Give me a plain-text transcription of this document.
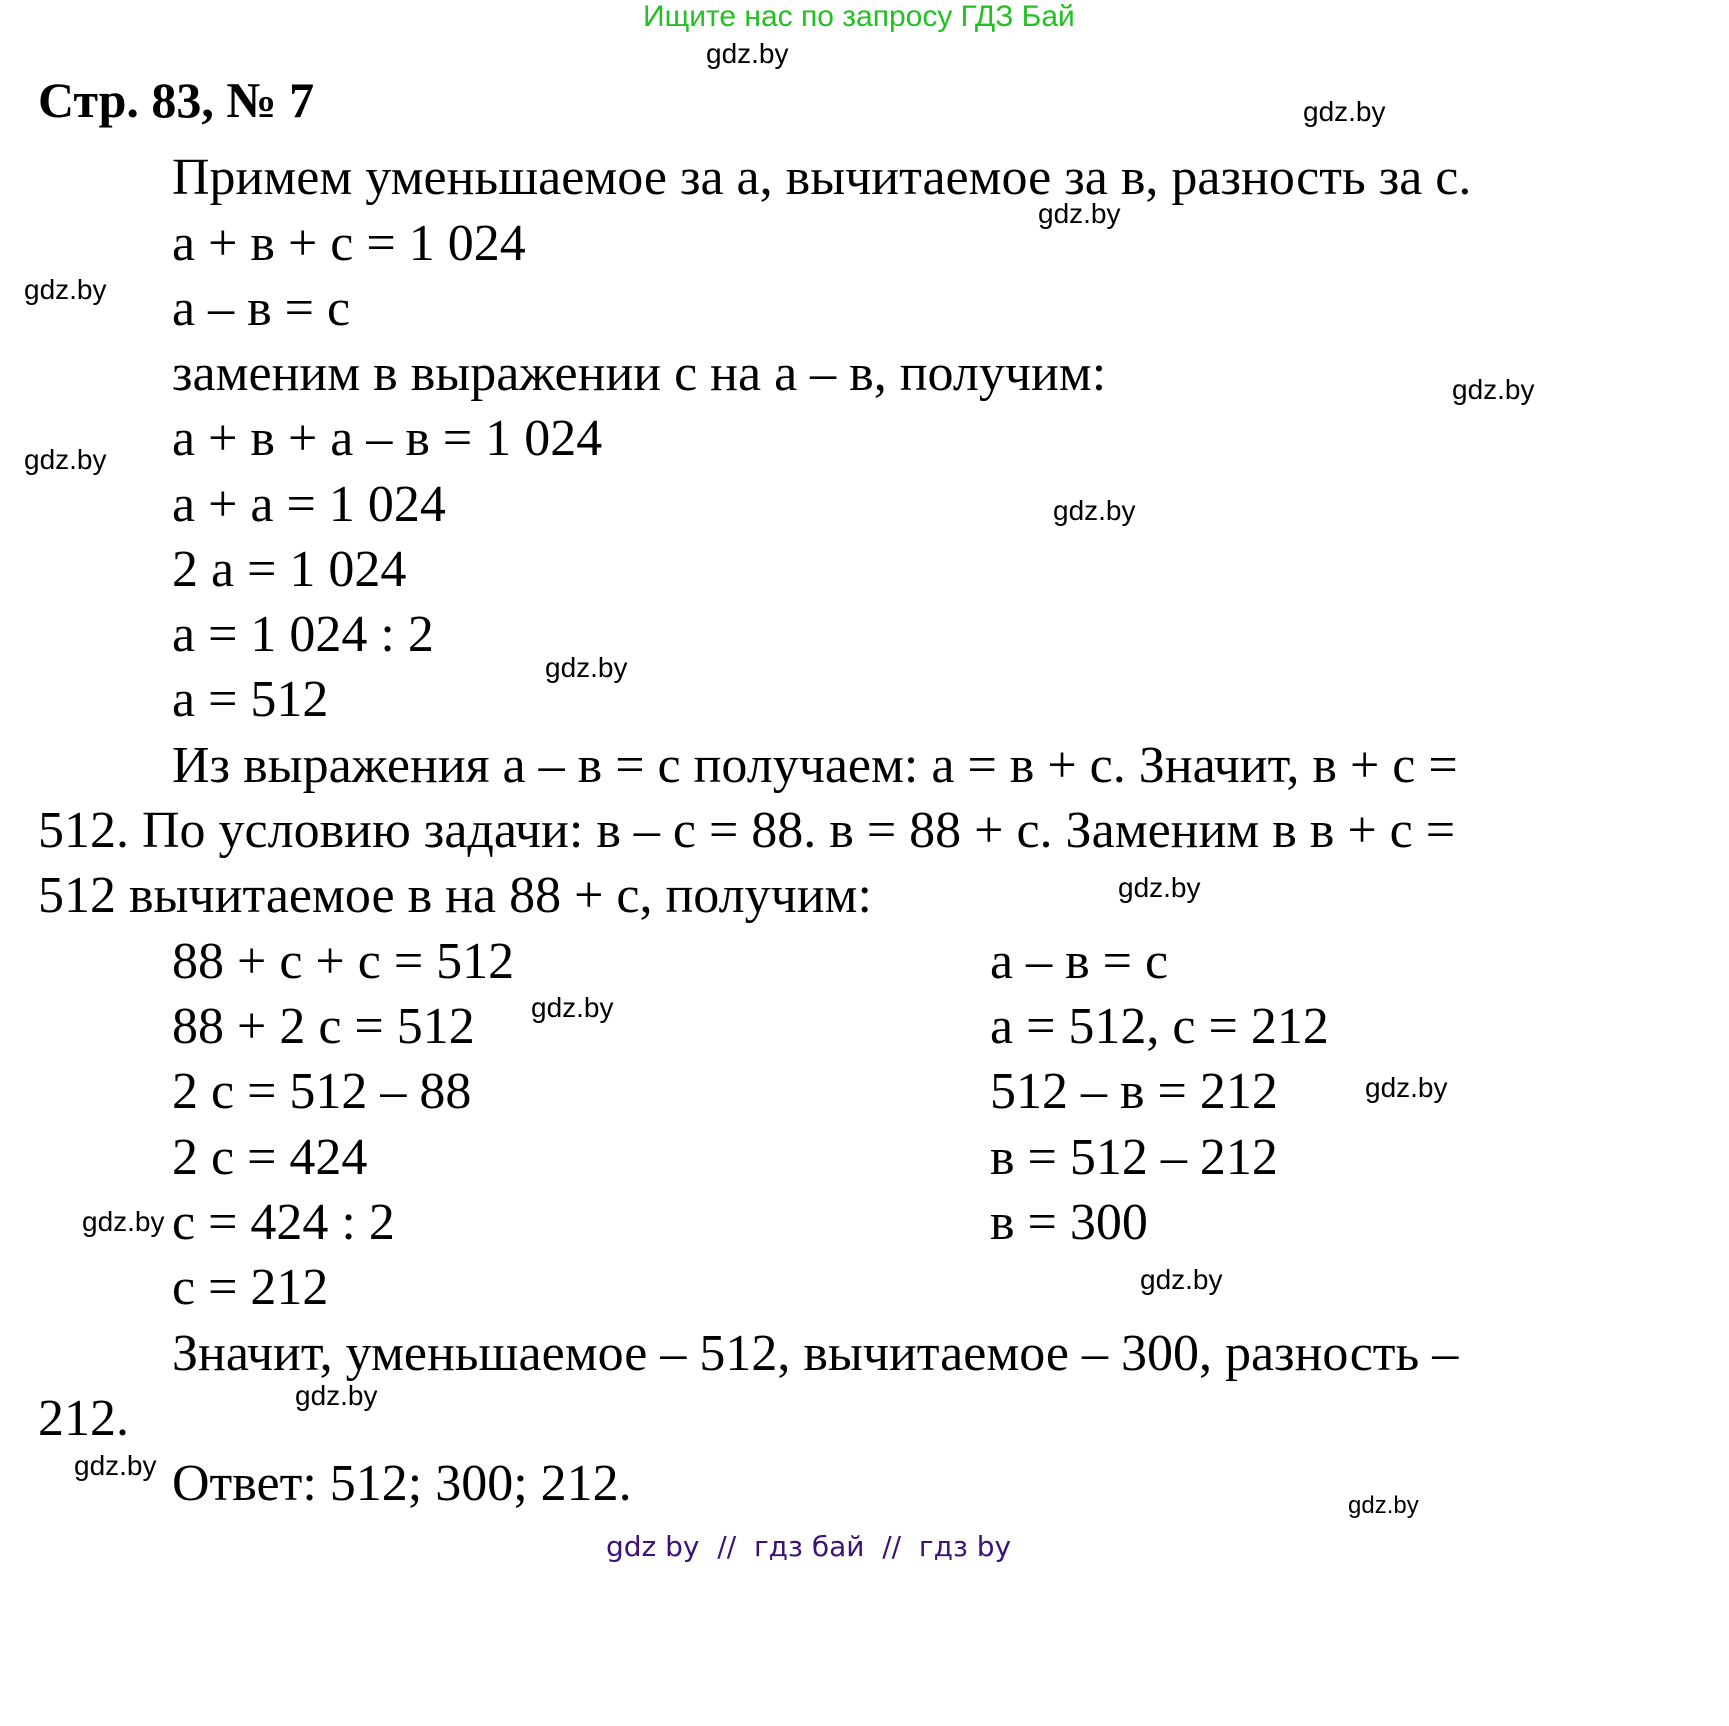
Ищите нас по запросу ГДЗ Бай
Стр. 83, № 7
Примем уменьшаемое за а, вычитаемое за в, разность за с.
а + в + с = 1 024
а – в = с
заменим в выражении с на а – в, получим:
а + в + а – в = 1 024
а + а = 1 024
2 а = 1 024
а = 1 024 : 2
а = 512
Из выражения а – в = с получаем: а = в + с. Значит, в + с =
512. По условию задачи: в – с = 88. в = 88 + с. Заменим в в + с =
512 вычитаемое в на 88 + с, получим:
88 + с + с = 512
88 + 2 с = 512
2 с = 512 – 88
2 с = 424
с = 424 : 2
с = 212
а – в = с
а = 512, с = 212
512 – в = 212
в = 512 – 212
в = 300
Значит, уменьшаемое – 512, вычитаемое – 300, разность –
212.
Ответ: 512; 300; 212.
gdz.by
gdz.by
gdz.by
gdz.by
gdz.by
gdz.by
gdz.by
gdz.by
gdz.by
gdz.by
gdz.by
gdz.by
gdz.by
gdz.by
gdz.by
gdz.by
gdz by  //  гдз бай  //  гдз by
